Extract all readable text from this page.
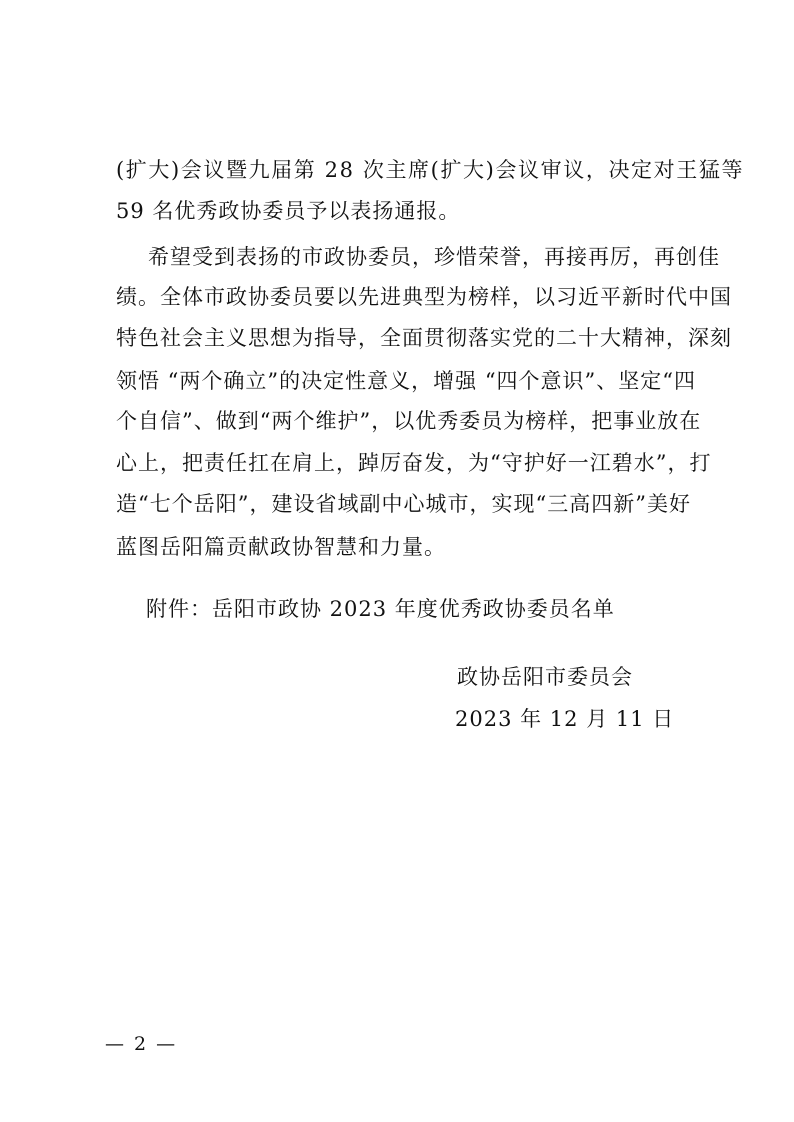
(扩大)会议暨九届第 28 次主席(扩大)会议审议，决定对王猛等
59 名优秀政协委员予以表扬通报。
希望受到表扬的市政协委员，珍惜荣誉，再接再厉，再创佳
绩。全体市政协委员要以先进典型为榜样，以习近平新时代中国
特色社会主义思想为指导，全面贯彻落实党的二十大精神，深刻
领悟 “两个确立”的决定性意义，增强 “四个意识”、坚定“四
个自信”、做到“两个维护”，以优秀委员为榜样，把事业放在
心上，把责任扛在肩上，踔厉奋发，为“守护好一江碧水”，打
造“七个岳阳”，建设省域副中心城市，实现“三高四新”美好
蓝图岳阳篇贡献政协智慧和力量。
附件：岳阳市政协 2023 年度优秀政协委员名单
政协岳阳市委员会
2023 年 12 月 11 日
— 2 —
